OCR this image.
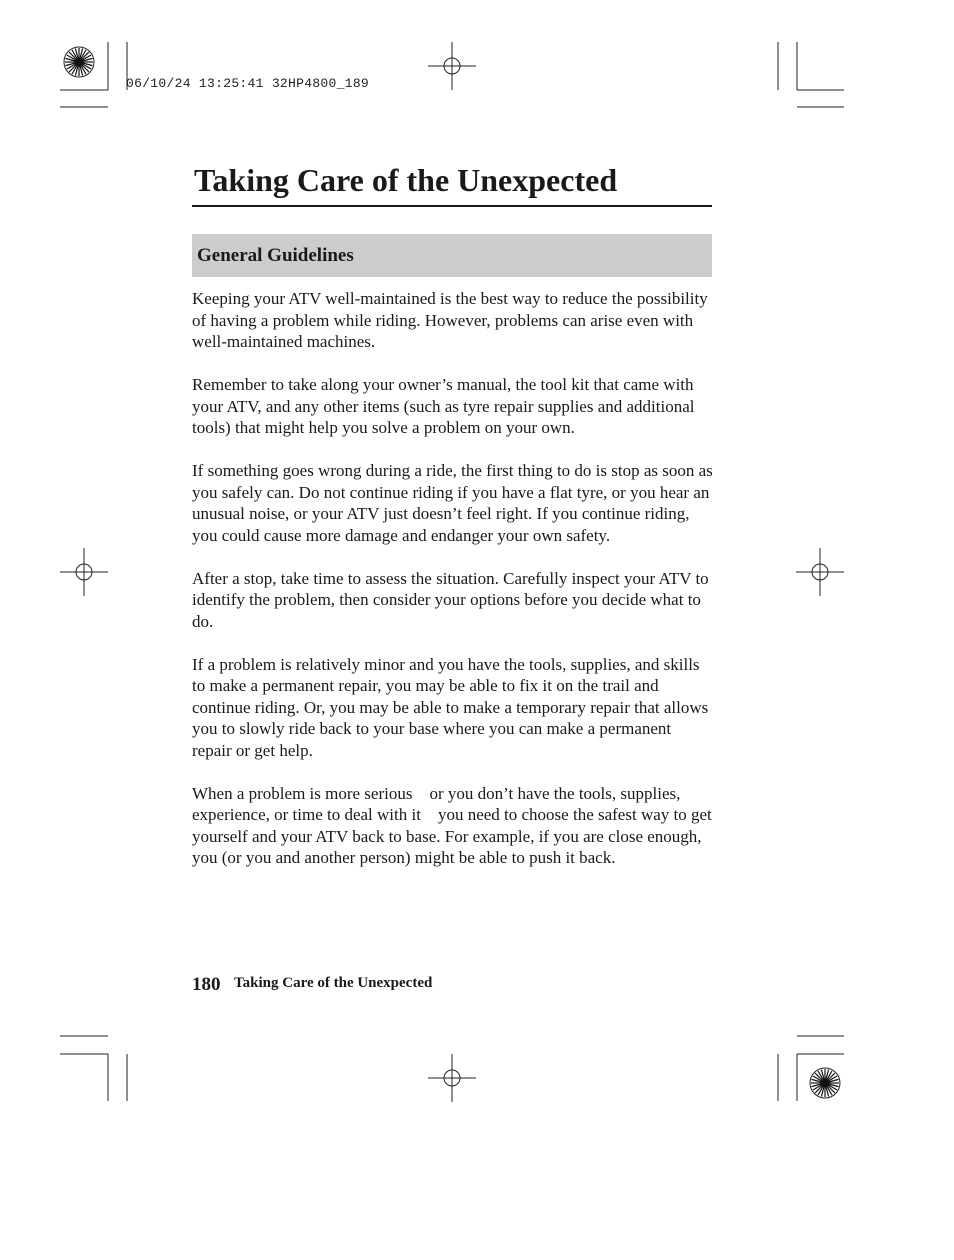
06/10/24 13:25:41 32HP4800_189
Taking Care of the Unexpected
General Guidelines

Keeping your ATV well-maintained is the best way to reduce the possibility of having a problem while riding. However, problems can arise even with well-maintained machines.

Remember to take along your owner’s manual, the tool kit that came with your ATV, and any other items (such as tyre repair supplies and additional tools) that might help you solve a problem on your own.

If something goes wrong during a ride, the first thing to do is stop as soon as you safely can. Do not continue riding if you have a flat tyre, or you hear an unusual noise, or your ATV just doesn’t feel right. If you continue riding, you could cause more damage and endanger your own safety.

After a stop, take time to assess the situation. Carefully inspect your ATV to identify the problem, then consider your options before you decide what to do.

If a problem is relatively minor and you have the tools, supplies, and skills to make a permanent repair, you may be able to fix it on the trail and continue riding. Or, you may be able to make a temporary repair that allows you to slowly ride back to your base where you can make a permanent repair or get help.

When a problem is more serious    or you don’t have the tools, supplies, experience, or time to deal with it    you need to choose the safest way to get yourself and your ATV back to base. For example, if you are close enough, you (or you and another person) might be able to push it back.

180 Taking Care of the Unexpected
